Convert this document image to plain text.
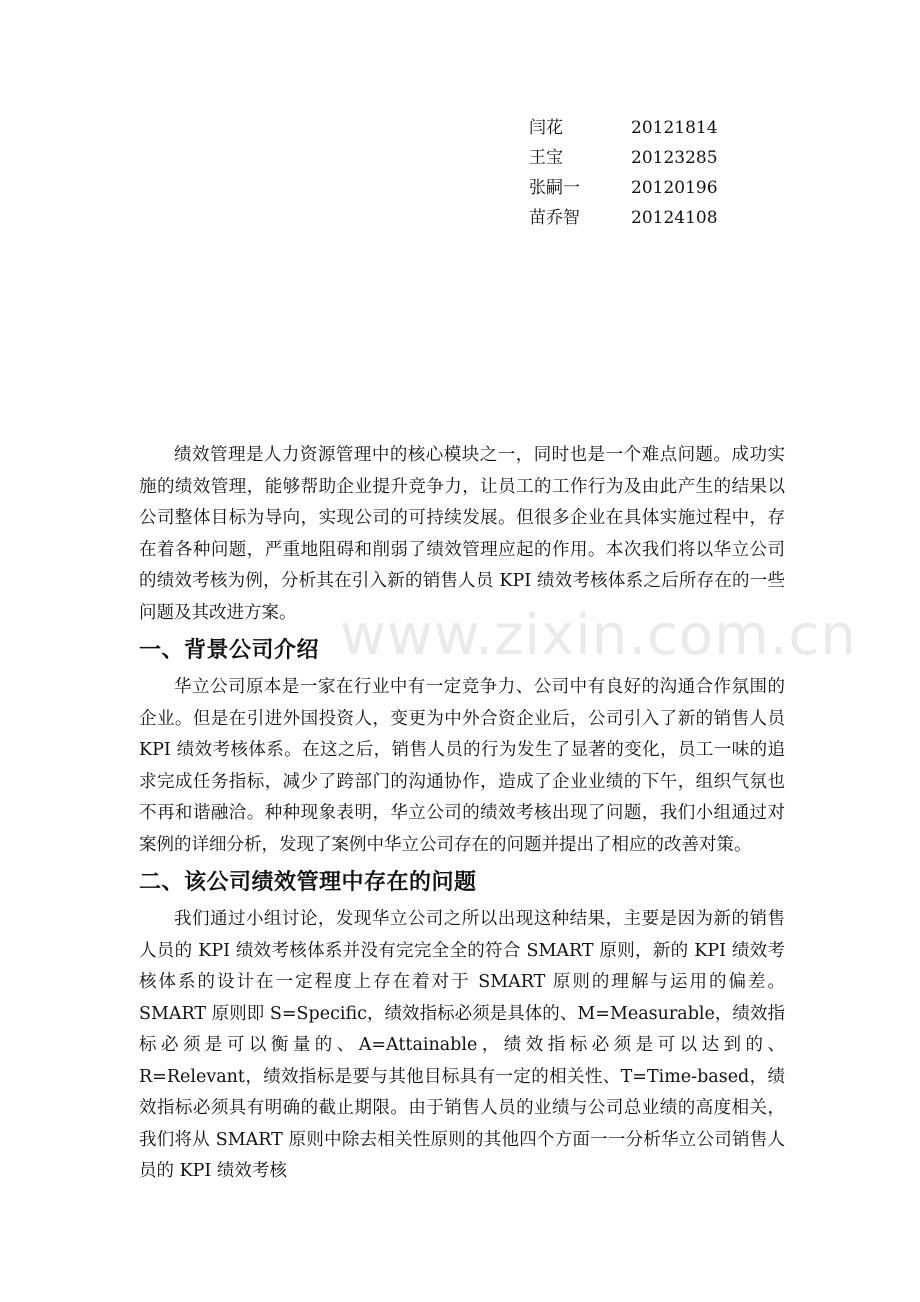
闫花	20121814
王宝	20123285
张嗣一	20120196
苗乔智	20124108

绩效管理是人力资源管理中的核心模块之一，同时也是一个难点问题。成功实施的绩效管理，能够帮助企业提升竞争力，让员工的工作行为及由此产生的结果以公司整体目标为导向，实现公司的可持续发展。但很多企业在具体实施过程中，存在着各种问题，严重地阻碍和削弱了绩效管理应起的作用。本次我们将以华立公司的绩效考核为例，分析其在引入新的销售人员 KPI 绩效考核体系之后所存在的一些问题及其改进方案。

一、背景公司介绍

华立公司原本是一家在行业中有一定竞争力、公司中有良好的沟通合作氛围的企业。但是在引进外国投资人，变更为中外合资企业后，公司引入了新的销售人员 KPI 绩效考核体系。在这之后，销售人员的行为发生了显著的变化，员工一味的追求完成任务指标，减少了跨部门的沟通协作，造成了企业业绩的下午，组织气氛也不再和谐融洽。种种现象表明，华立公司的绩效考核出现了问题，我们小组通过对案例的详细分析，发现了案例中华立公司存在的问题并提出了相应的改善对策。

二、该公司绩效管理中存在的问题

我们通过小组讨论，发现华立公司之所以出现这种结果，主要是因为新的销售人员的 KPI 绩效考核体系并没有完完全全的符合 SMART 原则，新的 KPI 绩效考核体系的设计在一定程度上存在着对于 SMART 原则的理解与运用的偏差。SMART 原则即 S=Specific，绩效指标必须是具体的、M=Measurable，绩效指标必须是可以衡量的、A=Attainable，绩效指标必须是可以达到的、R=Relevant，绩效指标是要与其他目标具有一定的相关性、T=Time-based，绩效指标必须具有明确的截止期限。由于销售人员的业绩与公司总业绩的高度相关，我们将从 SMART 原则中除去相关性原则的其他四个方面一一分析华立公司销售人员的 KPI 绩效考核

www.zixin.com.cn
